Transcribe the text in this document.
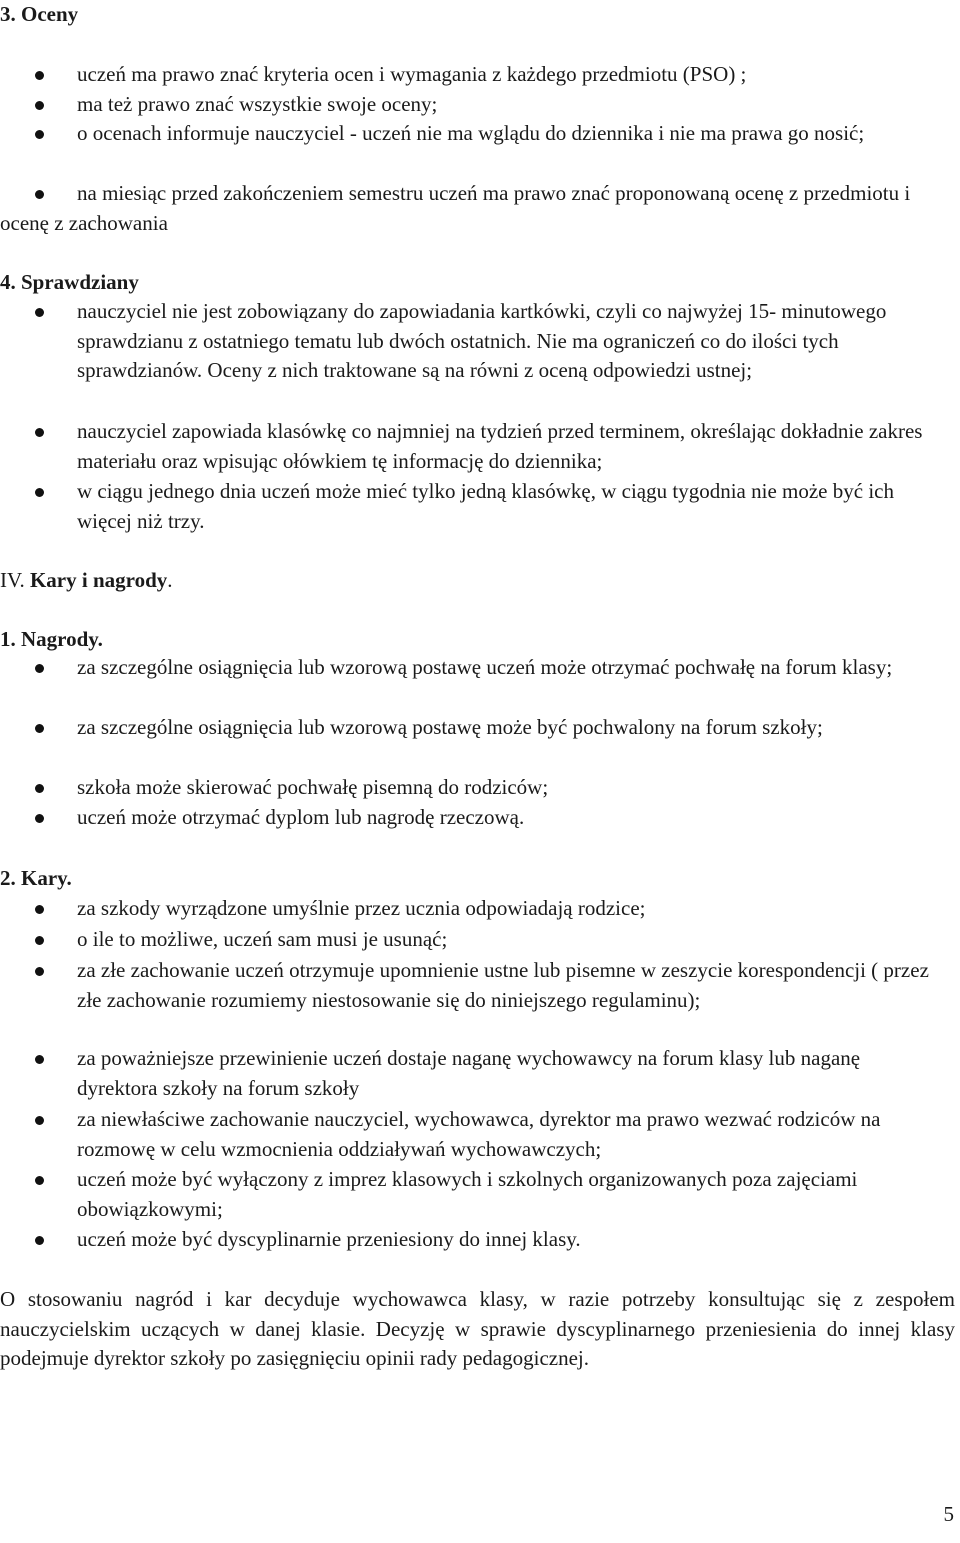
3. Oceny
uczeń ma prawo znać kryteria ocen i wymagania z każdego przedmiotu (PSO) ;
ma też prawo znać wszystkie swoje oceny;
o ocenach informuje nauczyciel - uczeń nie ma wglądu do dziennika i nie ma prawa go nosić;
na miesiąc przed zakończeniem semestru uczeń ma prawo znać proponowaną ocenę z przedmiotu i ocenę z zachowania
4. Sprawdziany
nauczyciel nie jest zobowiązany do zapowiadania kartkówki, czyli co najwyżej 15- minutowego sprawdzianu z ostatniego tematu lub dwóch ostatnich. Nie ma ograniczeń co do ilości tych sprawdzianów. Oceny z nich traktowane są na równi z oceną odpowiedzi ustnej;
nauczyciel zapowiada klasówkę co najmniej na tydzień przed terminem, określając dokładnie zakres materiału oraz wpisując ołówkiem tę informację do dziennika;
w ciągu jednego dnia uczeń może mieć tylko jedną klasówkę, w ciągu tygodnia nie może być ich więcej niż trzy.
IV. Kary i nagrody.
1. Nagrody.
za szczególne osiągnięcia lub wzorową postawę uczeń może otrzymać pochwałę na forum klasy;
za szczególne osiągnięcia lub wzorową postawę może być pochwalony na forum szkoły;
szkoła może skierować pochwałę pisemną do rodziców;
uczeń może otrzymać dyplom lub nagrodę rzeczową.
2. Kary.
za szkody wyrządzone umyślnie przez ucznia odpowiadają rodzice;
o ile to możliwe, uczeń sam musi je usunąć;
za złe zachowanie uczeń otrzymuje upomnienie ustne lub pisemne w zeszycie korespondencji ( przez złe zachowanie rozumiemy niestosowanie się do niniejszego regulaminu);
za poważniejsze przewinienie uczeń dostaje naganę wychowawcy na forum klasy lub naganę dyrektora szkoły na forum szkoły
za niewłaściwe zachowanie nauczyciel, wychowawca, dyrektor ma prawo wezwać rodziców na rozmowę w celu wzmocnienia oddziaływań wychowawczych;
uczeń może być wyłączony z imprez klasowych i szkolnych organizowanych poza zajęciami obowiązkowymi;
uczeń może być dyscyplinarnie przeniesiony do innej klasy.
O stosowaniu nagród i kar decyduje wychowawca klasy, w razie potrzeby konsultując się z zespołem nauczycielskim uczących w danej klasie. Decyzję w sprawie dyscyplinarnego przeniesienia do innej klasy podejmuje dyrektor szkoły po zasięgnięciu opinii rady pedagogicznej.
5
